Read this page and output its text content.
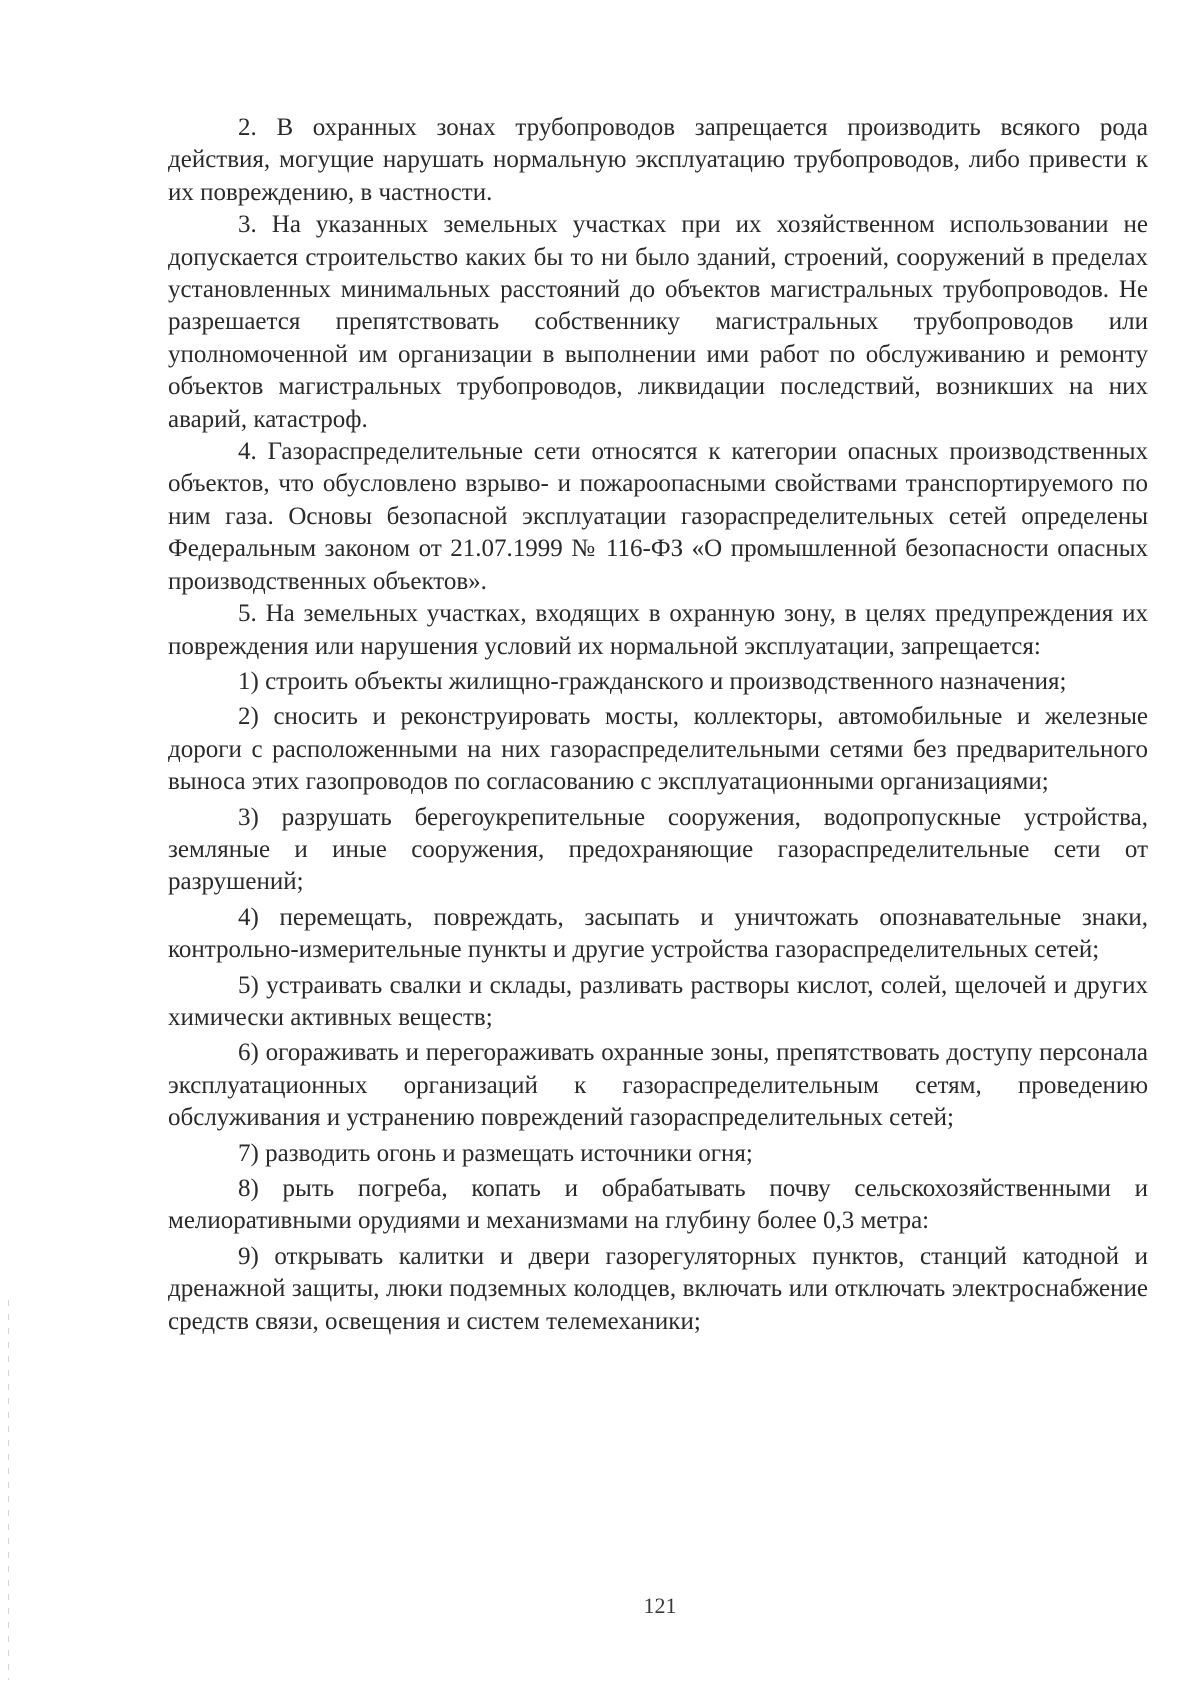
2. В охранных зонах трубопроводов запрещается производить всякого рода действия, могущие нарушать нормальную эксплуатацию трубопроводов, либо привести к их повреждению, в частности.

3. На указанных земельных участках при их хозяйственном использовании не допускается строительство каких бы то ни было зданий, строений, сооружений в пределах установленных минимальных расстояний до объектов магистральных трубопроводов. Не разрешается препятствовать собственнику магистральных трубопроводов или уполномоченной им организации в выполнении ими работ по обслуживанию и ремонту объектов магистральных трубопроводов, ликвидации последствий, возникших на них аварий, катастроф.

4. Газораспределительные сети относятся к категории опасных производственных объектов, что обусловлено взрыво- и пожароопасными свойствами транспортируемого по ним газа. Основы безопасной эксплуатации газораспределительных сетей определены Федеральным законом от 21.07.1999 № 116-ФЗ «О промышленной безопасности опасных производственных объектов».

5. На земельных участках, входящих в охранную зону, в целях предупреждения их повреждения или нарушения условий их нормальной эксплуатации, запрещается:

1) строить объекты жилищно-гражданского и производственного назначения;

2) сносить и реконструировать мосты, коллекторы, автомобильные и железные дороги с расположенными на них газораспределительными сетями без предварительного выноса этих газопроводов по согласованию с эксплуатационными организациями;

3) разрушать берегоукрепительные сооружения, водопропускные устройства, земляные и иные сооружения, предохраняющие газораспределительные сети от разрушений;

4) перемещать, повреждать, засыпать и уничтожать опознавательные знаки, контрольно-измерительные пункты и другие устройства газораспределительных сетей;

5) устраивать свалки и склады, разливать растворы кислот, солей, щелочей и других химически активных веществ;

6) огораживать и перегораживать охранные зоны, препятствовать доступу персонала эксплуатационных организаций к газораспределительным сетям, проведению обслуживания и устранению повреждений газораспределительных сетей;

7) разводить огонь и размещать источники огня;

8) рыть погреба, копать и обрабатывать почву сельскохозяйственными и мелиоративными орудиями и механизмами на глубину более 0,3 метра:

9) открывать калитки и двери газорегуляторных пунктов, станций катодной и дренажной защиты, люки подземных колодцев, включать или отключать электроснабжение средств связи, освещения и систем телемеханики;

121
